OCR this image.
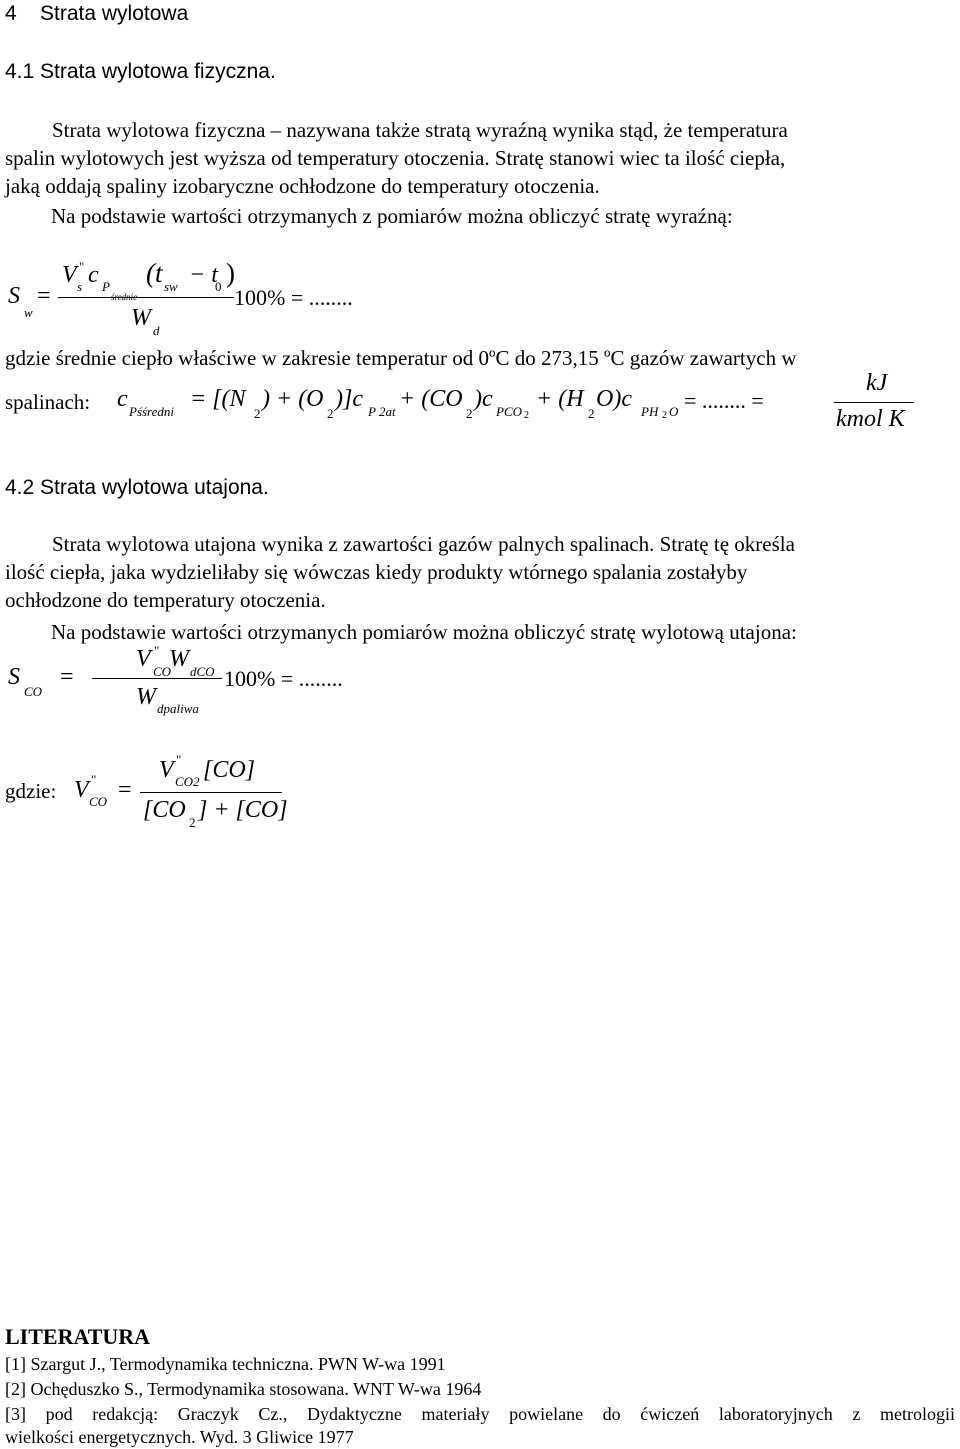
4 Strata wylotowa
4.1 Strata wylotowa fizyczna.
Strata wylotowa fizyczna – nazywana także stratą wyraźną wynika stąd, że temperatura
spalin wylotowych jest wyższa od temperatury otoczenia. Stratę stanowi wiec ta ilość ciepła,
jaką oddają spaliny izobaryczne ochłodzone do temperatury otoczenia.
Na podstawie wartości otrzymanych z pomiarów można obliczyć stratę wyraźną:
S
w
=
V "
s c P
średnie
(t sw − t
0 )
W d
100% = ........
gdzie średnie ciepło właściwe w zakresie temperatur od 0ºC do 273,15 ºC gazów zawartych w
spalinach: c Pśśredni = [(N
2
) + (O
2
)]c P 2at + (CO
2
)c PCO 2
+ (H
2
O)c PH 2 O = ........ =
kJ
kmol K
4.2 Strata wylotowa utajona.
Strata wylotowa utajona wynika z zawartości gazów palnych spalinach. Stratę tę określa
ilość ciepła, jaka wydzieliłaby się wówczas kiedy produkty wtórnego spalania zostałyby
ochłodzone do temperatury otoczenia.
Na podstawie wartości otrzymanych pomiarów można obliczyć stratę wylotową utajona:
S
CO
=
V "
CO
W dCO
W dpaliwa
100% = ........
gdzie: V "
CO =
V "
CO2 [CO]
[CO 2 ] + [CO]
LITERATURA
[1] Szargut J., Termodynamika techniczna. PWN W-wa 1991
[2] Ochęduszko S., Termodynamika stosowana. WNT W-wa 1964
[3] pod redakcją: Graczyk Cz., Dydaktyczne materiały powielane do ćwiczeń laboratoryjnych z metrologii
wielkości energetycznych. Wyd. 3 Gliwice 1977
